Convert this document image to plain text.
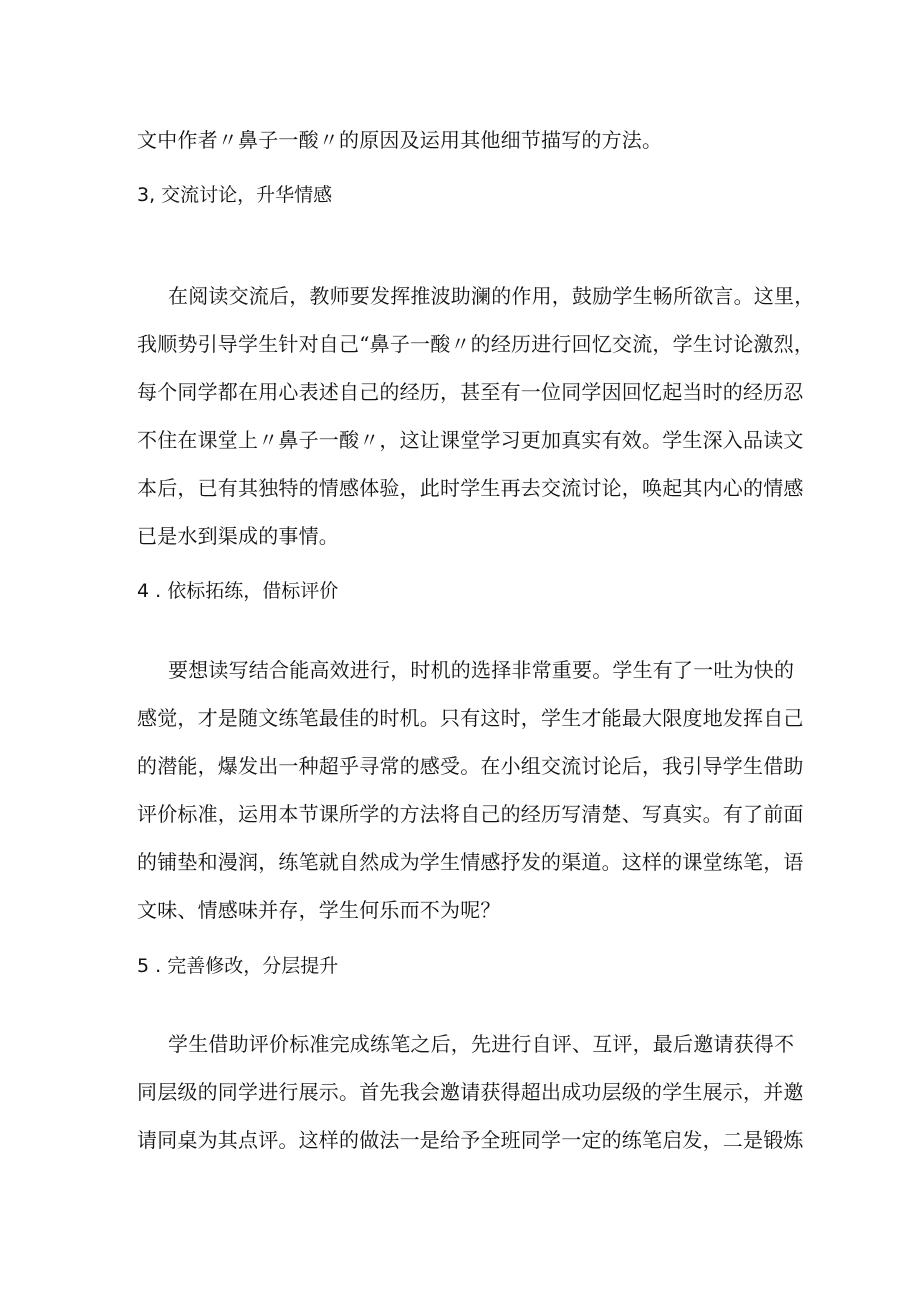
文中作者〃鼻子一酸〃的原因及运用其他细节描写的方法。
3, 交流讨论，升华情感
在阅读交流后，教师要发挥推波助澜的作用，鼓励学生畅所欲言。这里，
我顺势引导学生针对自己“鼻子一酸〃的经历进行回忆交流，学生讨论激烈，
每个同学都在用心表述自己的经历，甚至有一位同学因回忆起当时的经历忍
不住在课堂上〃鼻子一酸〃，这让课堂学习更加真实有效。学生深入品读文
本后，已有其独特的情感体验，此时学生再去交流讨论，唤起其内心的情感
已是水到渠成的事情。
4 . 依标拓练，借标评价
要想读写结合能高效进行，时机的选择非常重要。学生有了一吐为快的
感觉，才是随文练笔最佳的时机。只有这时，学生才能最大限度地发挥自己
的潜能，爆发出一种超乎寻常的感受。在小组交流讨论后，我引导学生借助
评价标准，运用本节课所学的方法将自己的经历写清楚、写真实。有了前面
的铺垫和漫润，练笔就自然成为学生情感抒发的渠道。这样的课堂练笔，语
文味、情感味并存，学生何乐而不为呢？
5 . 完善修改，分层提升
学生借助评价标准完成练笔之后，先进行自评、互评，最后邀请获得不
同层级的同学进行展示。首先我会邀请获得超出成功层级的学生展示，并邀
请同桌为其点评。这样的做法一是给予全班同学一定的练笔启发，二是锻炼
